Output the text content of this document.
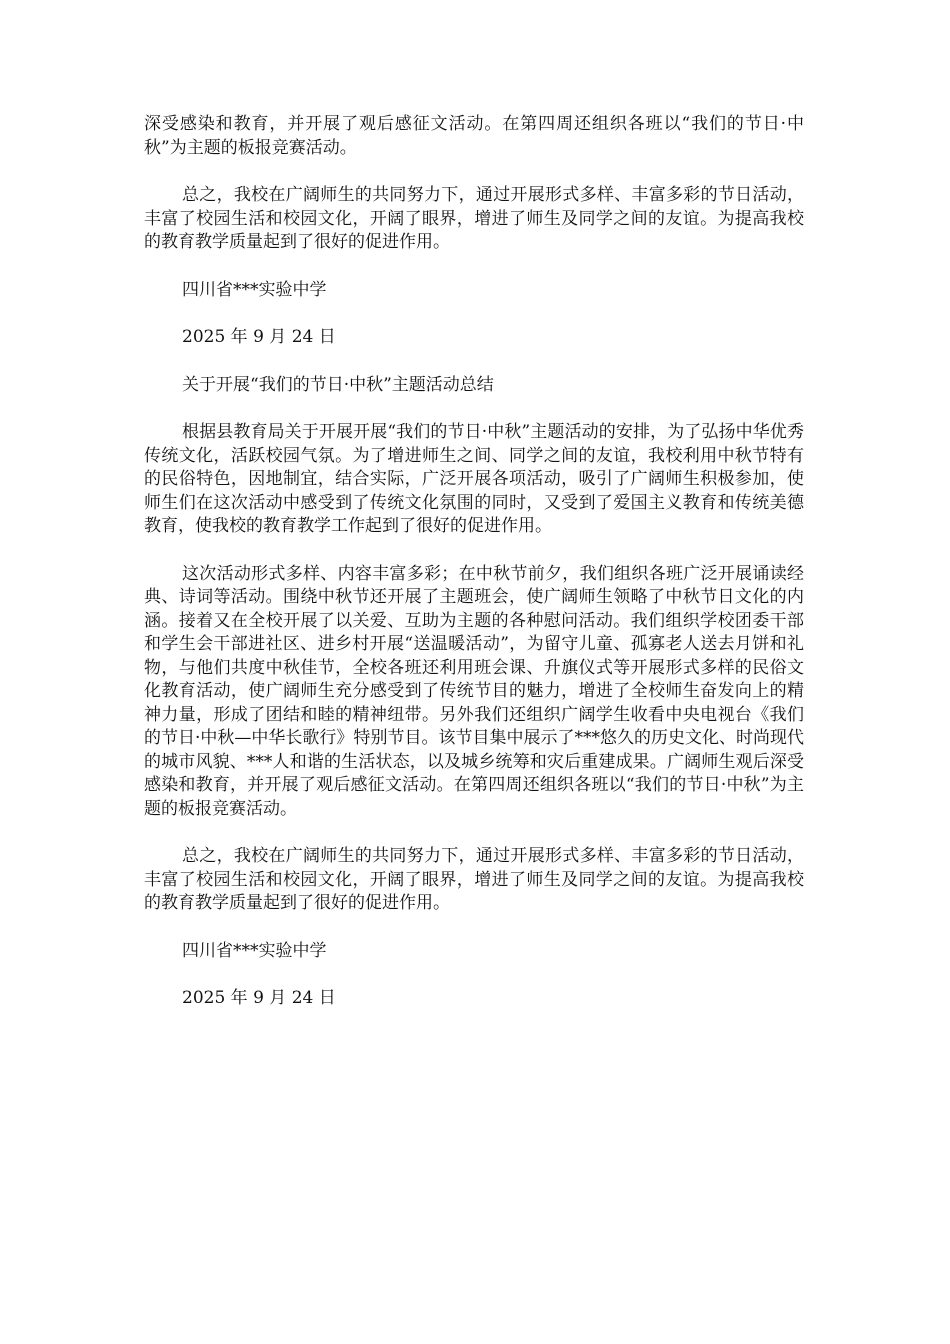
深受感染和教育，并开展了观后感征文活动。在第四周还组织各班以“我们的节日·中秋”为主题的板报竞赛活动。

总之，我校在广阔师生的共同努力下，通过开展形式多样、丰富多彩的节日活动，丰富了校园生活和校园文化，开阔了眼界，增进了师生及同学之间的友谊。为提高我校的教育教学质量起到了很好的促进作用。

四川省***实验中学

2025 年 9 月 24 日

关于开展“我们的节日·中秋”主题活动总结

根据县教育局关于开展开展“我们的节日·中秋”主题活动的安排，为了弘扬中华优秀传统文化，活跃校园气氛。为了增进师生之间、同学之间的友谊，我校利用中秋节特有的民俗特色，因地制宜，结合实际，广泛开展各项活动，吸引了广阔师生积极参加，使师生们在这次活动中感受到了传统文化氛围的同时，又受到了爱国主义教育和传统美德教育，使我校的教育教学工作起到了很好的促进作用。

这次活动形式多样、内容丰富多彩；在中秋节前夕，我们组织各班广泛开展诵读经典、诗词等活动。围绕中秋节还开展了主题班会，使广阔师生领略了中秋节日文化的内涵。接着又在全校开展了以关爱、互助为主题的各种慰问活动。我们组织学校团委干部和学生会干部进社区、进乡村开展“送温暖活动”，为留守儿童、孤寡老人送去月饼和礼物，与他们共度中秋佳节，全校各班还利用班会课、升旗仪式等开展形式多样的民俗文化教育活动，使广阔师生充分感受到了传统节目的魅力，增进了全校师生奋发向上的精神力量，形成了团结和睦的精神纽带。另外我们还组织广阔学生收看中央电视台《我们的节日·中秋—中华长歌行》特别节目。该节目集中展示了***悠久的历史文化、时尚现代的城市风貌、***人和谐的生活状态，以及城乡统筹和灾后重建成果。广阔师生观后深受感染和教育，并开展了观后感征文活动。在第四周还组织各班以“我们的节日·中秋”为主题的板报竞赛活动。

总之，我校在广阔师生的共同努力下，通过开展形式多样、丰富多彩的节日活动，丰富了校园生活和校园文化，开阔了眼界，增进了师生及同学之间的友谊。为提高我校的教育教学质量起到了很好的促进作用。

四川省***实验中学

2025 年 9 月 24 日
